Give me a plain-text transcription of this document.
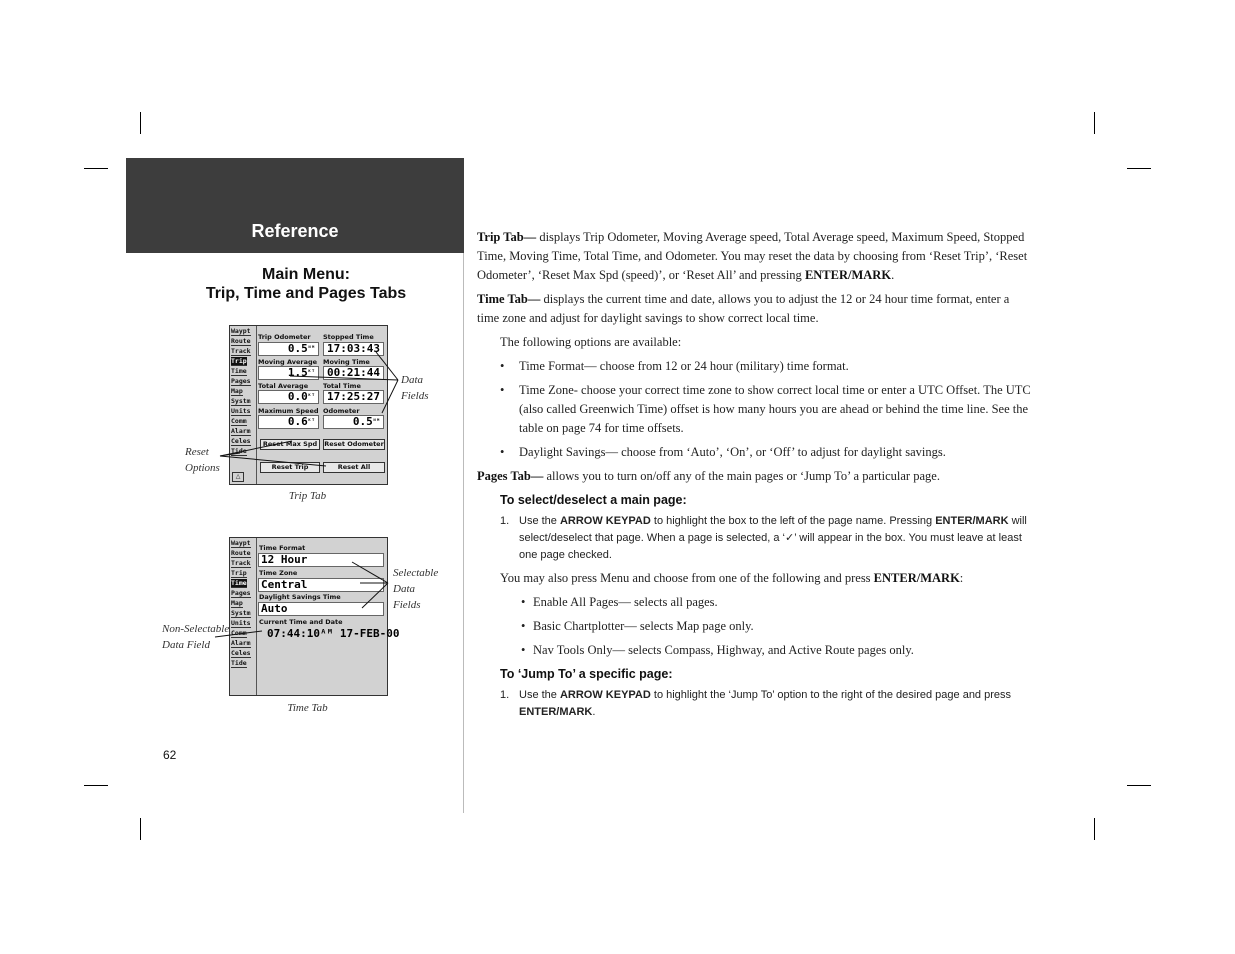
Reference
Main Menu:
Trip, Time and Pages Tabs
Waypt
Route
Track
Trip
Time
Pages
Map
Systm
Units
Comm
Alarm
Celes
Tide
△
Trip Odometer
$0.5^{ᴺᴹ}$
Stopped Time
17:03:43
Moving Average
$1.5^{ᴷᵀ}$
Moving Time
00:21:44
Total Average
$0.0^{ᴷᵀ}$
Total Time
17:25:27
Maximum Speed
$0.6^{ᴷᵀ}$
Odometer
$0.5^{ᴺᴹ}$
Reset Max Spd	Reset Odometer
Reset Trip	Reset All
Trip Tab
Data
Fields
Reset
Options
Waypt
Route
Track
Trip
Time
Pages
Map
Systm
Units
Comm
Alarm
Celes
Tide
Time Format
12 Hour
Time Zone
Central
Daylight Savings Time
Auto
Current Time and Date
07:44:10ᴬᴹ 17-FEB-00
Time Tab
Selectable
Data
Fields
Non-Selectable
Data Field
62

Trip Tab— displays Trip Odometer, Moving Average speed, Total Average speed, Maximum Speed, Stopped Time, Moving Time, Total Time, and Odometer. You may reset the data by choosing from ‘Reset Trip’, ‘Reset Odometer’, ‘Reset Max Spd (speed)’, or ‘Reset All’ and pressing ENTER/MARK.

Time Tab— displays the current time and date, allows you to adjust the 12 or 24 hour time format, enter a time zone and adjust for daylight savings to show correct local time.

The following options are available:

• Time Format— choose from 12 or 24 hour (military) time format.

• Time Zone- choose your correct time zone to show correct local time or enter a UTC Offset. The UTC (also called Greenwich Time) offset is how many hours you are ahead or behind the time line. See the table on page 74 for time offsets.

• Daylight Savings— choose from ‘Auto’, ‘On’, or ‘Off’ to adjust for daylight savings.

Pages Tab— allows you to turn on/off any of the main pages or ‘Jump To’ a particular page.

To select/deselect a main page:

1. Use the ARROW KEYPAD to highlight the box to the left of the page name. Pressing ENTER/MARK will select/deselect that page. When a page is selected, a ‘✓’ will appear in the box. You must leave at least one page checked.

You may also press Menu and choose from one of the following and press ENTER/MARK:

• Enable All Pages— selects all pages.

• Basic Chartplotter— selects Map page only.

• Nav Tools Only— selects Compass, Highway, and Active Route pages only.

To ‘Jump To’ a specific page:

1. Use the ARROW KEYPAD to highlight the ‘Jump To’ option to the right of the desired page and press ENTER/MARK.
